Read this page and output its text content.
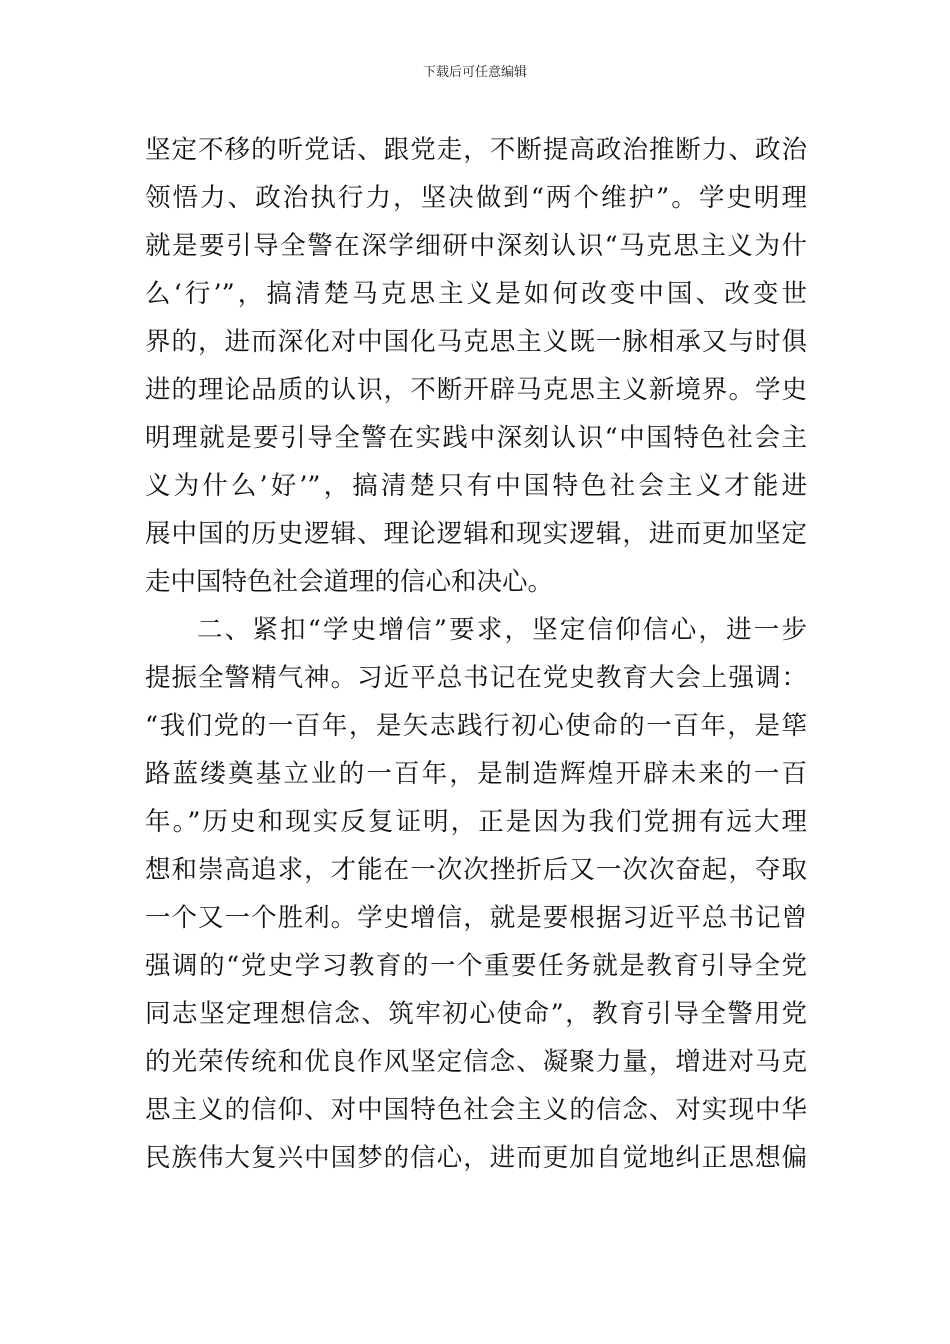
下载后可任意编辑
坚定不移的听党话、跟党走，不断提高政治推断力、政治
领悟力、政治执行力，坚决做到“两个维护”。学史明理
就是要引导全警在深学细研中深刻认识“马克思主义为什
么‘行’”，搞清楚马克思主义是如何改变中国、改变世
界的，进而深化对中国化马克思主义既一脉相承又与时俱
进的理论品质的认识，不断开辟马克思主义新境界。学史
明理就是要引导全警在实践中深刻认识“中国特色社会主
义为什么’好’”，搞清楚只有中国特色社会主义才能进
展中国的历史逻辑、理论逻辑和现实逻辑，进而更加坚定
走中国特色社会道理的信心和决心。
二、紧扣“学史增信”要求，坚定信仰信心，进一步
提振全警精气神。习近平总书记在党史教育大会上强调：
“我们党的一百年，是矢志践行初心使命的一百年，是筚
路蓝缕奠基立业的一百年，是制造辉煌开辟未来的一百
年。”历史和现实反复证明，正是因为我们党拥有远大理
想和崇高追求，才能在一次次挫折后又一次次奋起，夺取
一个又一个胜利。学史增信，就是要根据习近平总书记曾
强调的“党史学习教育的一个重要任务就是教育引导全党
同志坚定理想信念、筑牢初心使命”，教育引导全警用党
的光荣传统和优良作风坚定信念、凝聚力量，增进对马克
思主义的信仰、对中国特色社会主义的信念、对实现中华
民族伟大复兴中国梦的信心，进而更加自觉地纠正思想偏
